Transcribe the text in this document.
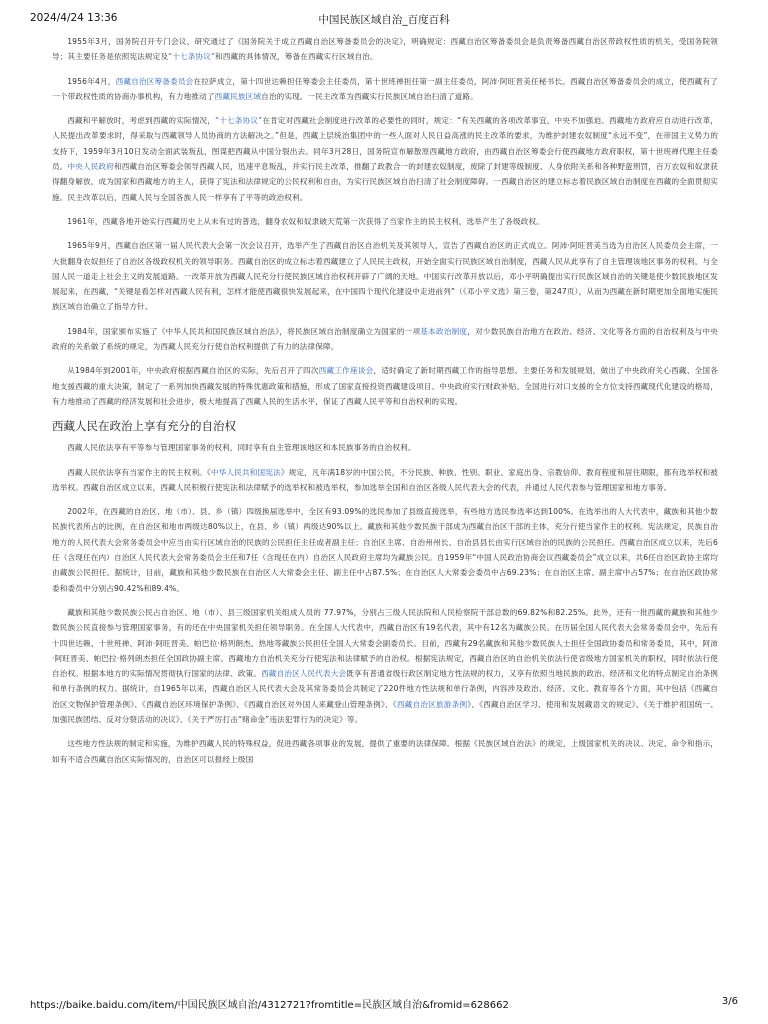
2024/4/24 13:36	中国民族区域自治_百度百科

1955年3月，国务院召开专门会议，研究通过了《国务院关于成立西藏自治区筹备委员会的决定》，明确规定：西藏自治区筹备委员会是负责筹备西藏自治区带政权性质的机关，受国务院领导；其主要任务是依照宪法规定及“十七条协议”和西藏的具体情况，筹备在西藏实行区域自治。

1956年4月，西藏自治区筹备委员会在拉萨成立，第十四世达赖担任筹委会主任委员，第十世班禅担任第一副主任委员，阿沛·阿旺晋美任秘书长。西藏自治区筹备委员会的成立，使西藏有了一个带政权性质的协商办事机构，有力地推动了西藏民族区域自治的实现。一民主改革为西藏实行民族区域自治扫清了道路。

西藏和平解放时，考虑到西藏的实际情况，“十七条协议”在肯定对西藏社会制度进行改革的必要性的同时，规定：“有关西藏的各项改革事宜，中央不加强迫。西藏地方政府应自动进行改革，人民提出改革要求时，得采取与西藏领导人员协商的方法解决之。”但是，西藏上层统治集团中的一些人面对人民日益高涨的民主改革的要求，为维护封建农奴制度“永远不变”，在帝国主义势力的支持下，1959年3月10日发动全面武装叛乱，图谋把西藏从中国分裂出去。同年3月28日，国务院宣布解散原西藏地方政府，由西藏自治区筹委会行使西藏地方政府职权，第十世班禅代理主任委员。中央人民政府和西藏自治区筹委会领导西藏人民，迅速平息叛乱，并实行民主改革，推翻了政教合一的封建农奴制度，废除了封建等级制度、人身依附关系和各种野蛮刑罚，百万农奴和奴隶获得翻身解放，成为国家和西藏地方的主人，获得了宪法和法律规定的公民权利和自由，为实行民族区域自治扫清了社会制度障碍。一西藏自治区的建立标志着民族区域自治制度在西藏的全面贯彻实施。民主改革以后，西藏人民与全国各族人民一样享有了平等的政治权利。

1961年，西藏各地开始实行西藏历史上从未有过的普选，翻身农奴和奴隶破天荒第一次获得了当家作主的民主权利，选举产生了各级政权。

1965年9月，西藏自治区第一届人民代表大会第一次会议召开，选举产生了西藏自治区自治机关及其领导人，宣告了西藏自治区的正式成立。阿沛·阿旺晋美当选为自治区人民委员会主席，一大批翻身农奴担任了自治区各级政权机关的领导职务。西藏自治区的成立标志着西藏建立了人民民主政权，开始全面实行民族区域自治制度，西藏人民从此享有了自主管理该地区事务的权利，与全国人民一道走上社会主义的发展道路。一改革开放为西藏人民充分行使民族区域自治权利开辟了广阔的天地。中国实行改革开放以后，邓小平明确提出实行民族区域自治的关键是使少数民族地区发展起来，在西藏，“关键是看怎样对西藏人民有利，怎样才能使西藏很快发展起来，在中国四个现代化建设中走进前列”（《邓小平文选》第三卷，第247页），从而为西藏在新时期更加全面地实施民族区域自治确立了指导方针。

1984年，国家颁布实施了《中华人民共和国民族区域自治法》，将民族区域自治制度确立为国家的一项基本政治制度，对少数民族自治地方在政治、经济、文化等各方面的自治权利及与中央政府的关系做了系统的规定，为西藏人民充分行使自治权利提供了有力的法律保障。

从1984年到2001年，中央政府根据西藏自治区的实际，先后召开了四次西藏工作座谈会，适时确定了新时期西藏工作的指导思想、主要任务和发展规划，做出了中央政府关心西藏、全国各地支援西藏的重大决策，制定了一系列加快西藏发展的特殊优惠政策和措施，形成了国家直接投资西藏建设项目、中央政府实行财政补贴、全国进行对口支援的全方位支持西藏现代化建设的格局，有力地推动了西藏的经济发展和社会进步，极大地提高了西藏人民的生活水平，保证了西藏人民平等和自治权利的实现。

西藏人民在政治上享有充分的自治权

西藏人民依法享有平等参与管理国家事务的权利，同时享有自主管理该地区和本民族事务的自治权利。

西藏人民依法享有当家作主的民主权利。《中华人民共和国宪法》规定，凡年满18岁的中国公民，不分民族、种族、性别、职业、家庭出身、宗教信仰、教育程度和居住期限，都有选举权和被选举权。西藏自治区成立以来，西藏人民积极行使宪法和法律赋予的选举权和被选举权，参加选举全国和自治区各级人民代表大会的代表，并通过人民代表参与管理国家和地方事务。

2002年，在西藏的自治区、地（市）、县、乡（镇）四级换届选举中，全区有93.09%的选民参加了县级直接选举，有些地方选民参选率达到100%。在选举出的人大代表中，藏族和其他少数民族代表所占的比例，在自治区和地市两级达80%以上，在县、乡（镇）两级达90%以上。藏族和其他少数民族干部成为西藏自治区干部的主体，充分行使当家作主的权利。宪法规定，民族自治地方的人民代表大会常务委员会中应当由实行区域自治的民族的公民担任主任或者副主任；自治区主席、自治州州长、自治县县长由实行区域自治的民族的公民担任。西藏自治区成立以来，先后6任（含现任在内）自治区人民代表大会常务委员会主任和7任（含现任在内）自治区人民政府主席均为藏族公民。自1959年“中国人民政治协商会议西藏委员会”成立以来，共6任自治区政协主席均由藏族公民担任。据统计，目前，藏族和其他少数民族在自治区人大常委会主任、副主任中占87.5%；在自治区人大常委会委员中占69.23%；在自治区主席、副主席中占57%；在自治区政协常委和委员中分别占90.42%和89.4%。

藏族和其他少数民族公民占自治区、地（市）、县三级国家机关组成人员的 77.97%，分别占三级人民法院和人民检察院干部总数的69.82%和82.25%。此外，还有一批西藏的藏族和其他少数民族公民直接参与管理国家事务，有的还在中央国家机关担任领导职务。在全国人大代表中，西藏自治区有19名代表，其中有12名为藏族公民。在历届全国人民代表大会常务委员会中，先后有十四世达赖、十世班禅、阿沛·阿旺晋美、帕巴拉·格列朗杰、热地等藏族公民担任全国人大常委会副委员长。目前，西藏有29名藏族和其他少数民族人士担任全国政协委员和常务委员，其中，阿沛·阿旺晋美、帕巴拉·格列朗杰担任全国政协副主席。西藏地方自治机关充分行使宪法和法律赋予的自治权。根据宪法规定，西藏自治区的自治机关依法行使省级地方国家机关的职权，同时依法行使自治权。根据本地方的实际情况贯彻执行国家的法律、政策。西藏自治区人民代表大会既享有普通省级行政区制定地方性法规的权力，又享有依照当地民族的政治、经济和文化的特点制定自治条例和单行条例的权力。据统计，自1965年以来，西藏自治区人民代表大会及其常务委员会共制定了220件地方性法规和单行条例，内容涉及政治、经济、文化、教育等各个方面，其中包括《西藏自治区文物保护管理条例》、《西藏自治区环境保护条例》、《西藏自治区对外国人来藏登山管理条例》、《西藏自治区旅游条例》、《西藏自治区学习、使用和发展藏语文的规定》、《关于维护祖国统一、加强民族团结、反对分裂活动的决议》、《关于严厉打击“赌命金”违法犯罪行为的决定》等。

这些地方性法规的制定和实施，为维护西藏人民的特殊权益，促进西藏各项事业的发展，提供了重要的法律保障。根据《民族区域自治法》的规定，上级国家机关的决议、决定、命令和指示，如有不适合西藏自治区实际情况的，自治区可以报经上级国

https://baike.baidu.com/item/中国民族区域自治/4312721?fromtitle=民族区域自治&fromid=628662	3/6
